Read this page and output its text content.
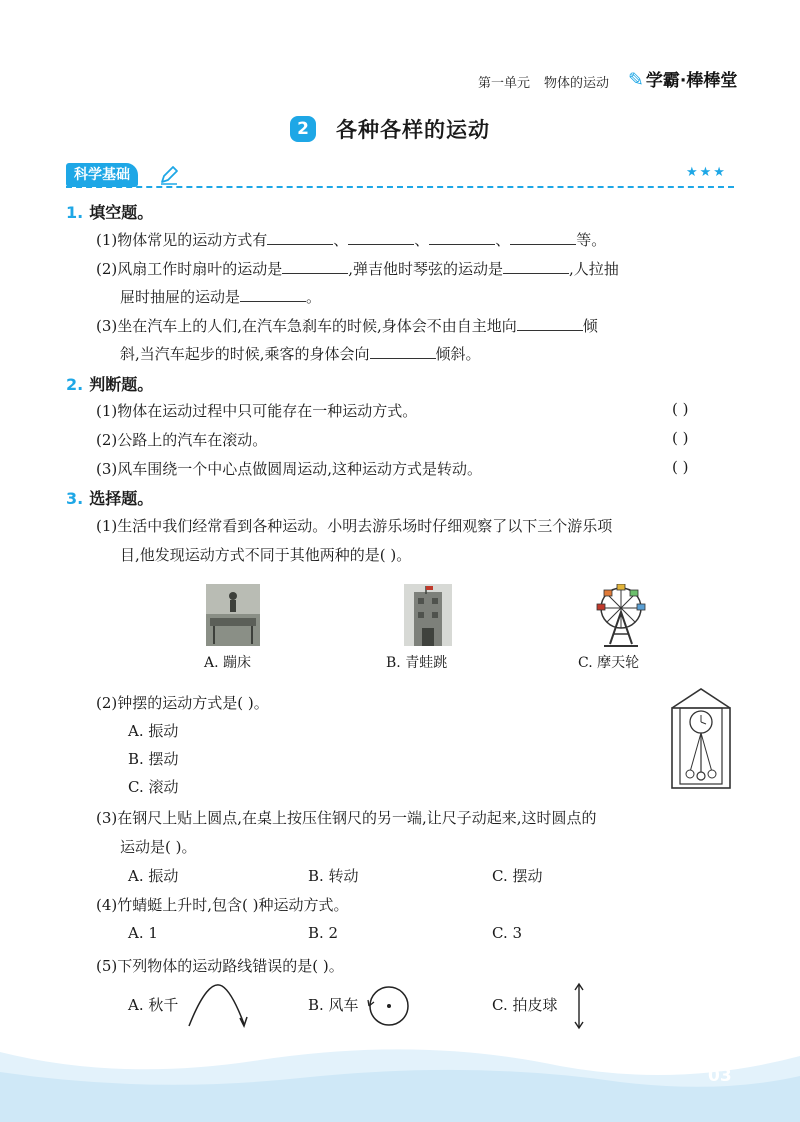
第一单元 物体的运动 ✎ 学霸·棒棒堂
2	各种各样的运动
科学基础	★★★
1. 填空题。
(1)物体常见的运动方式有	、	、	、	等。
(2)风扇工作时扇叶的运动是	,弹吉他时琴弦的运动是	,人拉抽
屉时抽屉的运动是	。
(3)坐在汽车上的人们,在汽车急刹车的时候,身体会不由自主地向	倾
斜,当汽车起步的时候,乘客的身体会向	倾斜。
2. 判断题。
(1)物体在运动过程中只可能存在一种运动方式。	( )
(2)公路上的汽车在滚动。	( )
(3)风车围绕一个中心点做圆周运动,这种运动方式是转动。	( )
3. 选择题。
(1)生活中我们经常看到各种运动。小明去游乐场时仔细观察了以下三个游乐项
目,他发现运动方式不同于其他两种的是( )。
A. 蹦床	B. 青蛙跳	C. 摩天轮
(2)钟摆的运动方式是( )。
A. 振动
B. 摆动
C. 滚动
(3)在钢尺上贴上圆点,在桌上按压住钢尺的另一端,让尺子动起来,这时圆点的
运动是( )。
A. 振动	B. 转动	C. 摆动
(4)竹蜻蜓上升时,包含( )种运动方式。
A. 1	B. 2	C. 3
(5)下列物体的运动路线错误的是( )。
A. 秋千	B. 风车	C. 拍皮球
03
